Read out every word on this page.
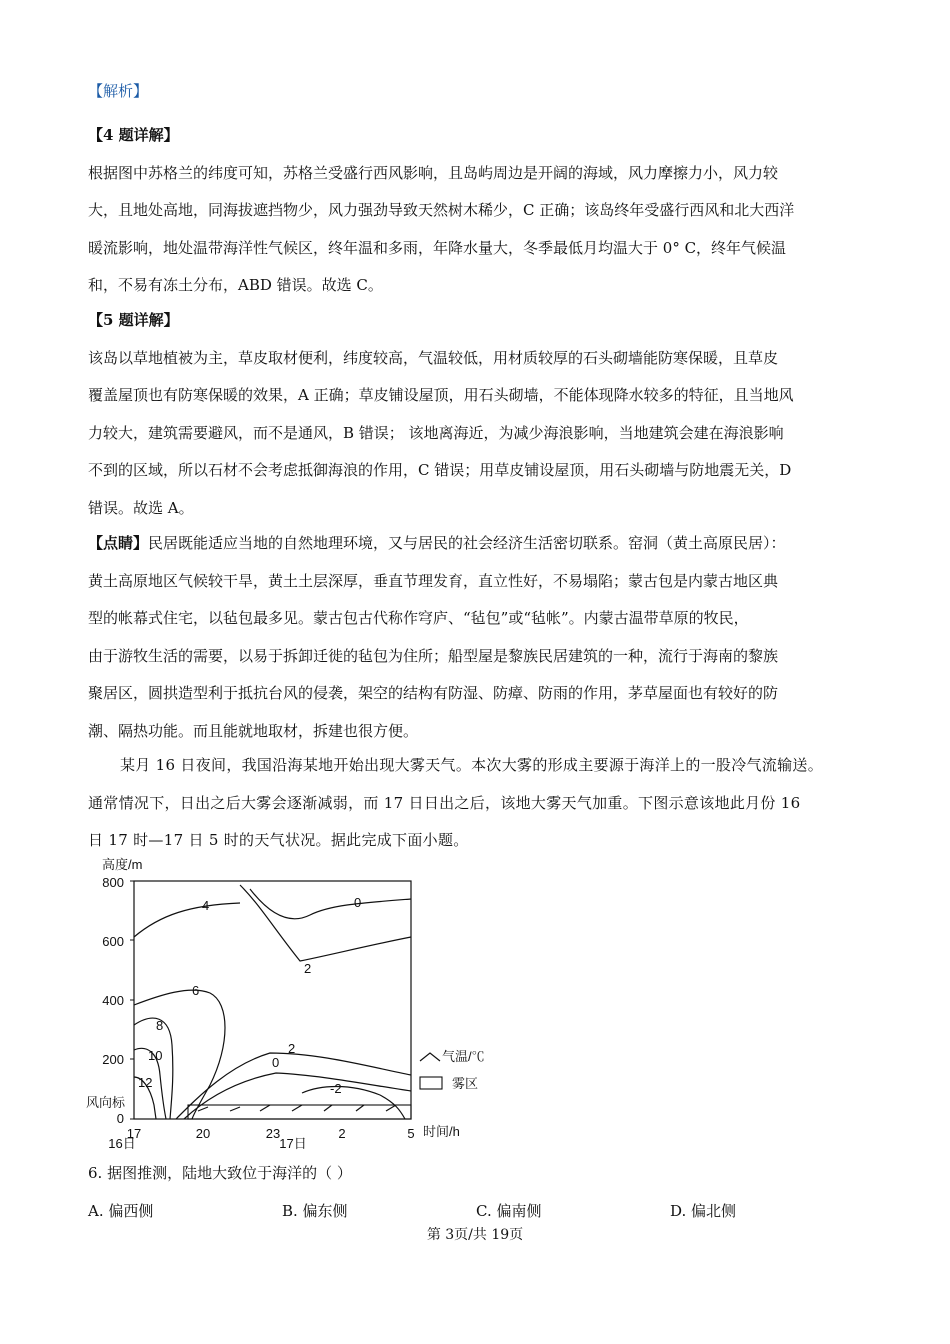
【解析】

【4 题详解】

根据图中苏格兰的纬度可知，苏格兰受盛行西风影响，且岛屿周边是开阔的海域，风力摩擦力小，风力较

大，且地处高地，同海拔遮挡物少，风力强劲导致天然树木稀少，C 正确；该岛终年受盛行西风和北大西洋

暖流影响，地处温带海洋性气候区，终年温和多雨，年降水量大，冬季最低月均温大于 0° C，终年气候温

和，不易有冻土分布，ABD 错误。故选 C。

【5 题详解】

该岛以草地植被为主，草皮取材便利，纬度较高，气温较低，用材质较厚的石头砌墙能防寒保暖，且草皮

覆盖屋顶也有防寒保暖的效果，A 正确；草皮铺设屋顶，用石头砌墙，不能体现降水较多的特征，且当地风

力较大，建筑需要避风，而不是通风，B 错误； 该地离海近，为减少海浪影响，当地建筑会建在海浪影响

不到的区域，所以石材不会考虑抵御海浪的作用，C 错误；用草皮铺设屋顶，用石头砌墙与防地震无关，D

错误。故选 A。

【点睛】民居既能适应当地的自然地理环境，又与居民的社会经济生活密切联系。窑洞（黄土高原民居）：

黄土高原地区气候较干旱，黄土土层深厚，垂直节理发育，直立性好，不易塌陷；蒙古包是内蒙古地区典

型的帐幕式住宅，以毡包最多见。蒙古包古代称作穹庐、“毡包”或“毡帐”。内蒙古温带草原的牧民，

由于游牧生活的需要，以易于拆卸迁徙的毡包为住所；船型屋是黎族民居建筑的一种，流行于海南的黎族

聚居区，圆拱造型利于抵抗台风的侵袭，架空的结构有防湿、防瘴、防雨的作用，茅草屋面也有较好的防

潮、隔热功能。而且能就地取材，拆建也很方便。

某月 16 日夜间，我国沿海某地开始出现大雾天气。本次大雾的形成主要源于海洋上的一股冷气流输送。

通常情况下，日出之后大雾会逐渐减弱，而 17 日日出之后，该地大雾天气加重。下图示意该地此月份 16

日 17 时—17 日 5 时的天气状况。据此完成下面小题。

高度/m
800
600
400
200
0
风向标
17	20	23	2	5 时间/h
16日	17日
4	0
2
6
8
10
12
2
0
-2
气温/℃
雾区
6. 据图推测，陆地大致位于海洋的（ ）
A. 偏西侧	B. 偏东侧	C. 偏南侧	D. 偏北侧
第 3页/共 19页
